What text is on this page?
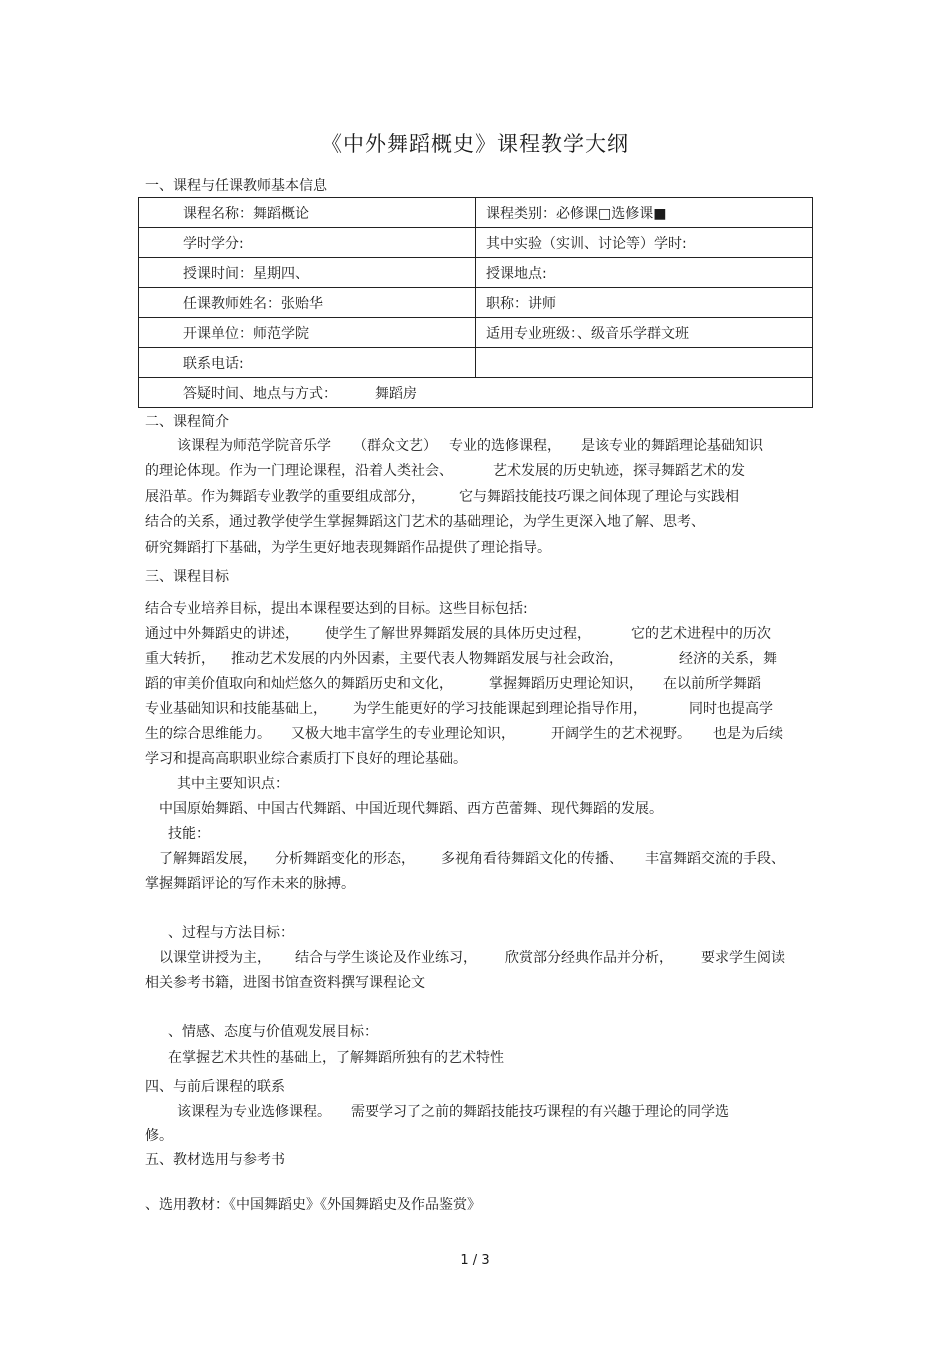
《中外舞蹈概史》课程教学大纲
一、课程与任课教师基本信息
课程名称：舞蹈概论	课程类别：必修课□选修课■
学时学分:	其中实验（实训、讨论等）学时:
授课时间：星期四、	授课地点:
任课教师姓名：张贻华	职称：讲师
开课单位：师范学院	适用专业班级：、级音乐学群文班
联系电话:	
答疑时间、地点与方式： 舞蹈房	
二、课程简介
该课程为师范学院音乐学 （群众文艺） 专业的选修课程， 是该专业的舞蹈理论基础知识
的理论体现。作为一门理论课程，沿着人类社会、	艺术发展的历史轨迹，探寻舞蹈艺术的发
展沿革。作为舞蹈专业教学的重要组成部分， 它与舞蹈技能技巧课之间体现了理论与实践相
结合的关系，通过教学使学生掌握舞蹈这门艺术的基础理论，为学生更深入地了解、思考、
研究舞蹈打下基础，为学生更好地表现舞蹈作品提供了理论指导。
三、课程目标
结合专业培养目标，提出本课程要达到的目标。这些目标包括:
通过中外舞蹈史的讲述， 使学生了解世界舞蹈发展的具体历史过程，	它的艺术进程中的历次
重大转折， 推动艺术发展的内外因素，主要代表人物舞蹈发展与社会政治，	经济的关系，舞
蹈的审美价值取向和灿烂悠久的舞蹈历史和文化，	掌握舞蹈历史理论知识， 在以前所学舞蹈
专业基础知识和技能基础上， 为学生能更好的学习技能课起到理论指导作用，	同时也提高学
生的综合思维能力。 又极大地丰富学生的专业理论知识，	开阔学生的艺术视野。 也是为后续
学习和提高高职职业综合素质打下良好的理论基础。
其中主要知识点：
中国原始舞蹈、中国古代舞蹈、中国近现代舞蹈、西方芭蕾舞、现代舞蹈的发展。
技能：
了解舞蹈发展， 分析舞蹈变化的形态， 多视角看待舞蹈文化的传播、 丰富舞蹈交流的手段、
掌握舞蹈评论的写作未来的脉搏。
、过程与方法目标：
以课堂讲授为主， 结合与学生谈论及作业练习， 欣赏部分经典作品并分析， 要求学生阅读
相关参考书籍，进图书馆查资料撰写课程论文
、情感、态度与价值观发展目标：
在掌握艺术共性的基础上，了解舞蹈所独有的艺术特性
四、与前后课程的联系
该课程为专业选修课程。 需要学习了之前的舞蹈技能技巧课程的有兴趣于理论的同学选
修。
五、教材选用与参考书
、选用教材：《中国舞蹈史》《外国舞蹈史及作品鉴赏》
1 / 3
